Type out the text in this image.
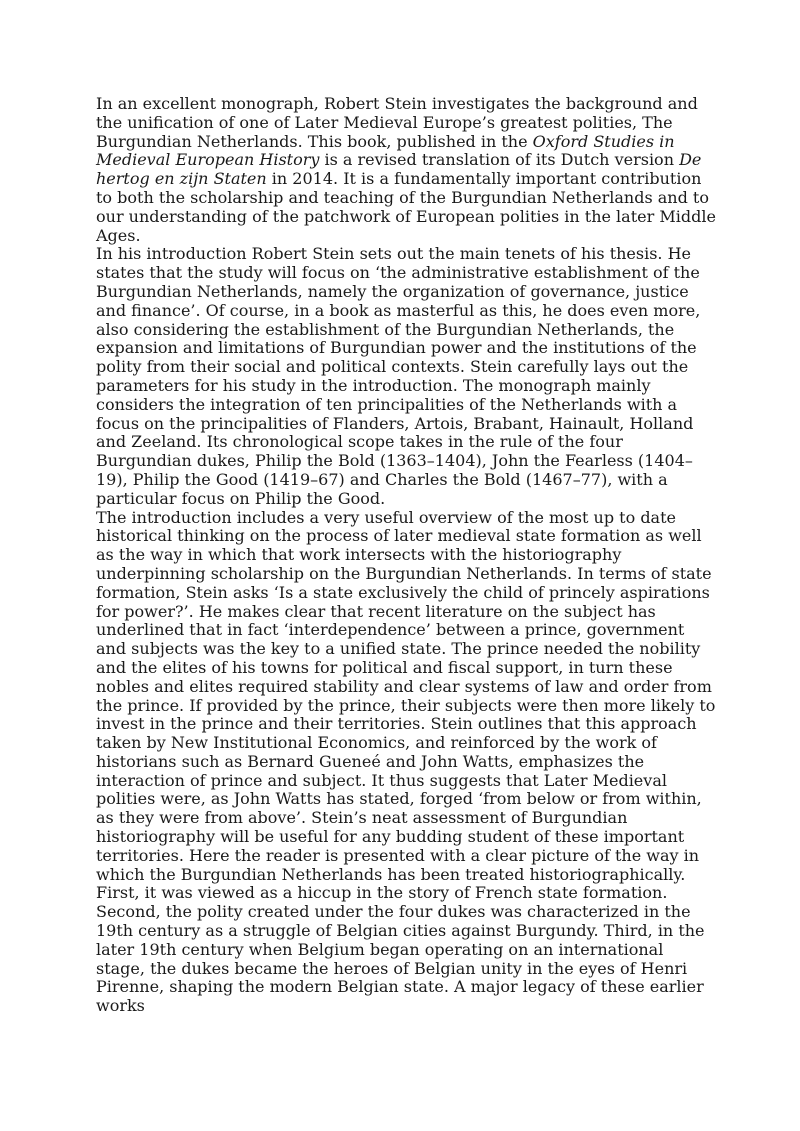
In an excellent monograph, Robert Stein investigates the background and the unification of one of Later Medieval Europe’s greatest polities, The Burgundian Netherlands. This book, published in the Oxford Studies in Medieval European History is a revised translation of its Dutch version De hertog en zijn Staten in 2014. It is a fundamentally important contribution to both the scholarship and teaching of the Burgundian Netherlands and to our understanding of the patchwork of European polities in the later Middle Ages.

In his introduction Robert Stein sets out the main tenets of his thesis. He states that the study will focus on ‘the administrative establishment of the Burgundian Netherlands, namely the organization of governance, justice and finance’. Of course, in a book as masterful as this, he does even more, also considering the establishment of the Burgundian Netherlands, the expansion and limitations of Burgundian power and the institutions of the polity from their social and political contexts. Stein carefully lays out the parameters for his study in the introduction. The monograph mainly considers the integration of ten principalities of the Netherlands with a focus on the principalities of Flanders, Artois, Brabant, Hainault, Holland and Zeeland. Its chronological scope takes in the rule of the four Burgundian dukes, Philip the Bold (1363–1404), John the Fearless (1404–19), Philip the Good (1419–67) and Charles the Bold (1467–77), with a particular focus on Philip the Good.

The introduction includes a very useful overview of the most up to date historical thinking on the process of later medieval state formation as well as the way in which that work intersects with the historiography underpinning scholarship on the Burgundian Netherlands. In terms of state formation, Stein asks ‘Is a state exclusively the child of princely aspirations for power?’. He makes clear that recent literature on the subject has underlined that in fact ‘interdependence’ between a prince, government and subjects was the key to a unified state. The prince needed the nobility and the elites of his towns for political and fiscal support, in turn these nobles and elites required stability and clear systems of law and order from the prince. If provided by the prince, their subjects were then more likely to invest in the prince and their territories. Stein outlines that this approach taken by New Institutional Economics, and reinforced by the work of historians such as Bernard Gueneé and John Watts, emphasizes the interaction of prince and subject. It thus suggests that Later Medieval polities were, as John Watts has stated, forged ‘from below or from within, as they were from above’. Stein’s neat assessment of Burgundian historiography will be useful for any budding student of these important territories. Here the reader is presented with a clear picture of the way in which the Burgundian Netherlands has been treated historiographically. First, it was viewed as a hiccup in the story of French state formation. Second, the polity created under the four dukes was characterized in the 19th century as a struggle of Belgian cities against Burgundy. Third, in the later 19th century when Belgium began operating on an international stage, the dukes became the heroes of Belgian unity in the eyes of Henri Pirenne, shaping the modern Belgian state. A major legacy of these earlier works
